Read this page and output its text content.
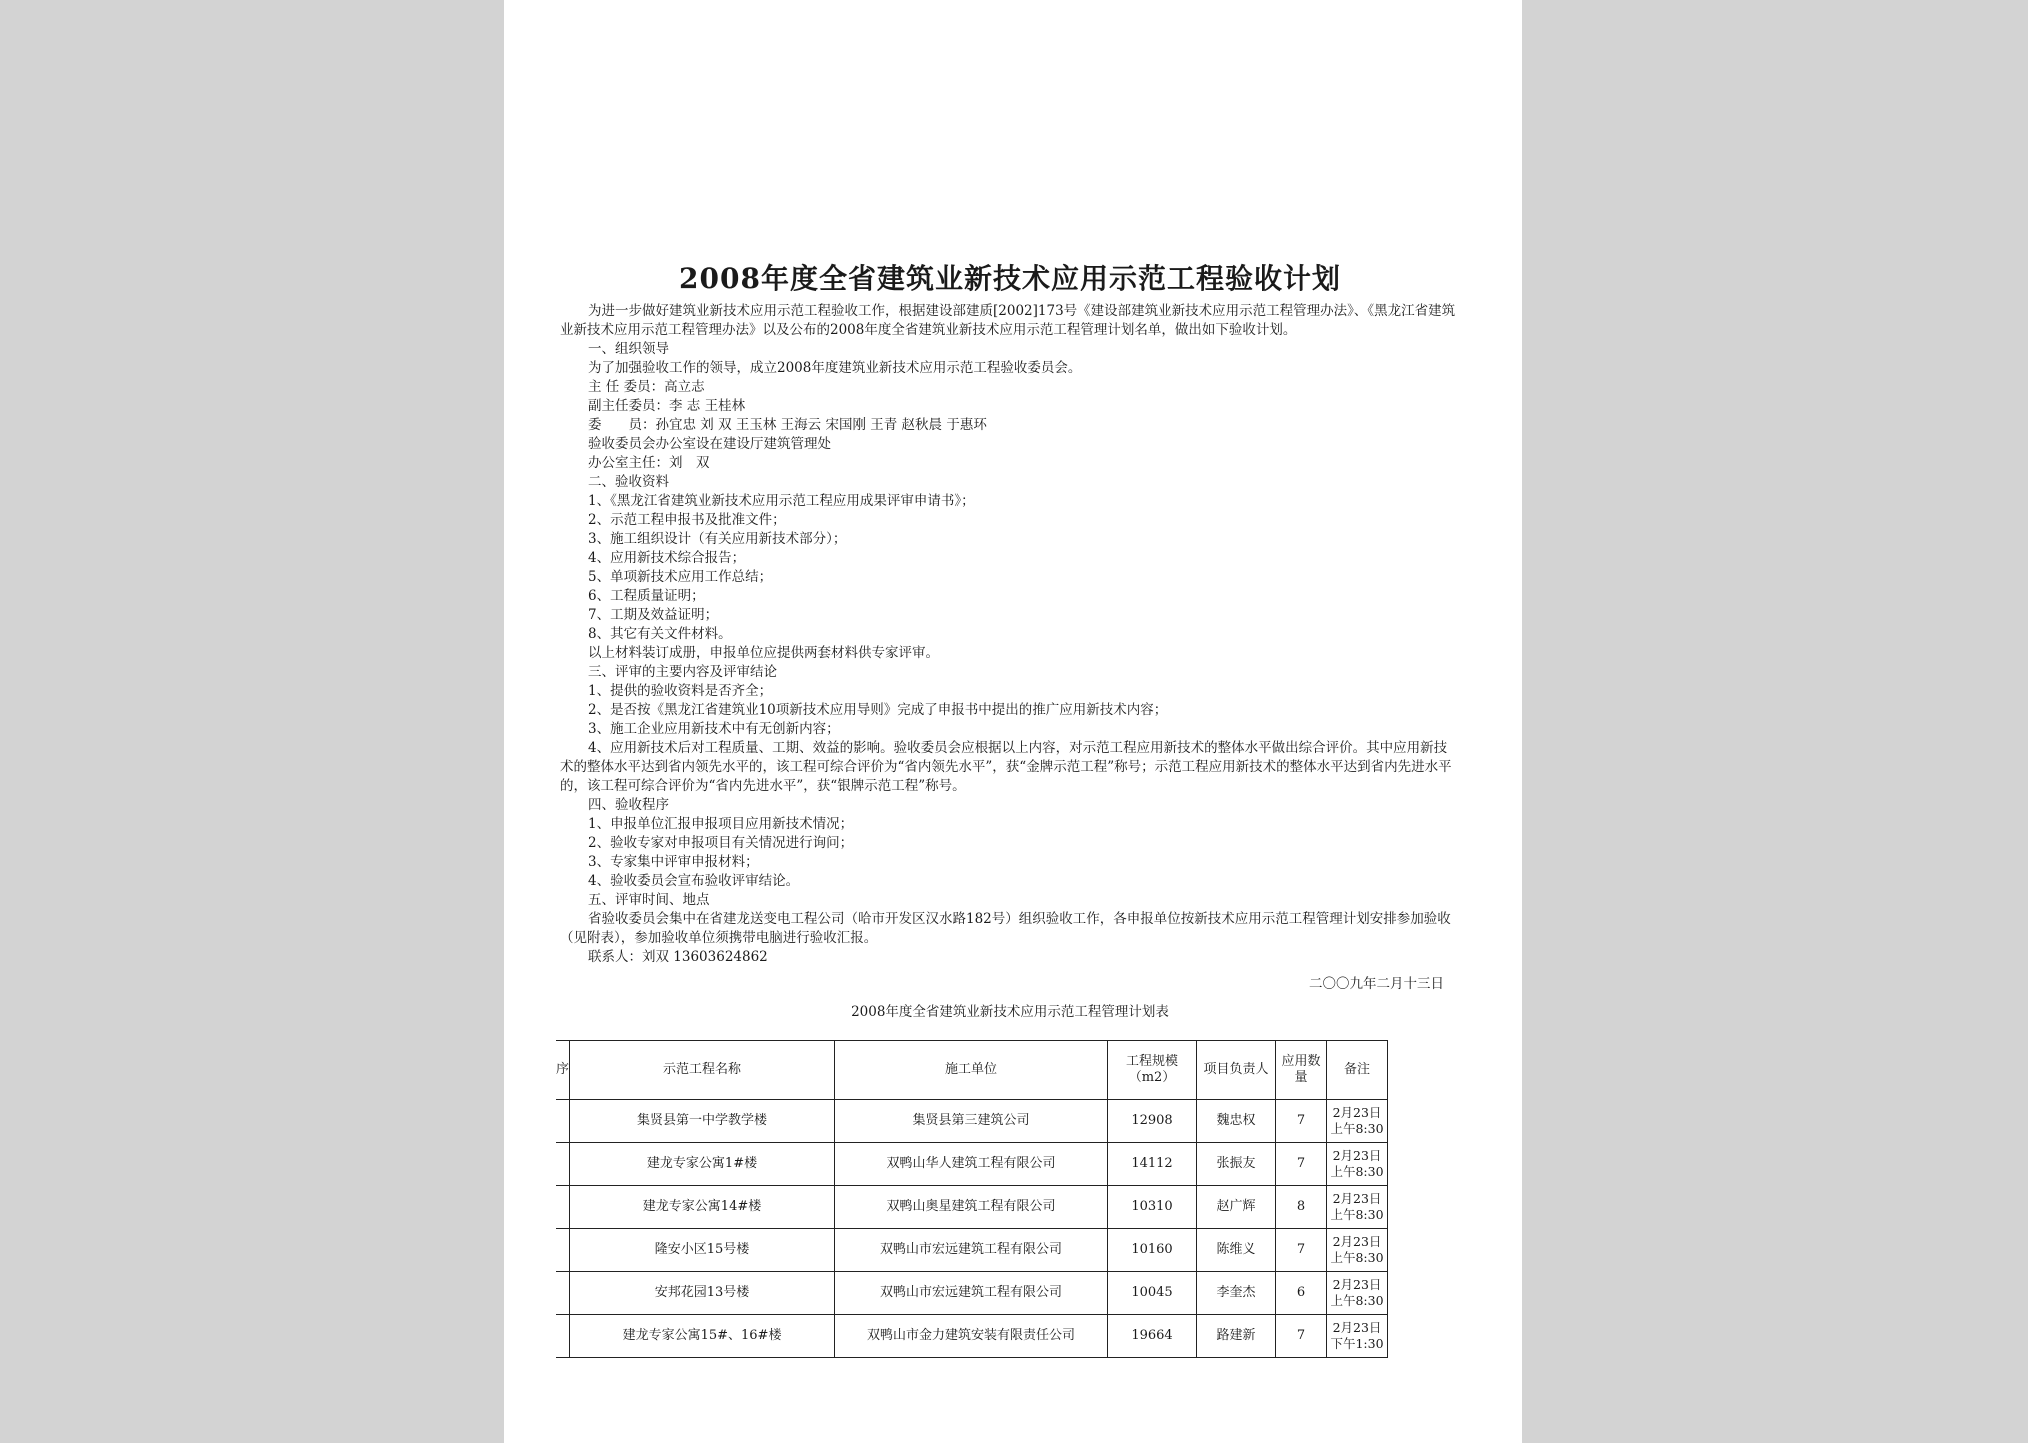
2008年度全省建筑业新技术应用示范工程验收计划

为进一步做好建筑业新技术应用示范工程验收工作，根据建设部建质[2002]173号《建设部建筑业新技术应用示范工程管理办法》、《黑龙江省建筑业新技术应用示范工程管理办法》以及公布的2008年度全省建筑业新技术应用示范工程管理计划名单，做出如下验收计划。

一、组织领导

为了加强验收工作的领导，成立2008年度建筑业新技术应用示范工程验收委员会。

主 任 委员：高立志

副主任委员：李 志 王桂林

委　　员：孙宜忠 刘 双 王玉林 王海云 宋国刚 王青 赵秋晨 于惠环

验收委员会办公室设在建设厅建筑管理处

办公室主任：刘　双

二、验收资料

1、《黑龙江省建筑业新技术应用示范工程应用成果评审申请书》；

2、示范工程申报书及批准文件；

3、施工组织设计（有关应用新技术部分）；

4、应用新技术综合报告；

5、单项新技术应用工作总结；

6、工程质量证明；

7、工期及效益证明；

8、其它有关文件材料。

以上材料装订成册，申报单位应提供两套材料供专家评审。

三、评审的主要内容及评审结论

1、提供的验收资料是否齐全；

2、是否按《黑龙江省建筑业10项新技术应用导则》完成了申报书中提出的推广应用新技术内容；

3、施工企业应用新技术中有无创新内容；

4、应用新技术后对工程质量、工期、效益的影响。验收委员会应根据以上内容，对示范工程应用新技术的整体水平做出综合评价。其中应用新技术的整体水平达到省内领先水平的，该工程可综合评价为“省内领先水平”，获“金牌示范工程”称号；示范工程应用新技术的整体水平达到省内先进水平的，该工程可综合评价为“省内先进水平”，获“银牌示范工程”称号。

四、验收程序

1、申报单位汇报申报项目应用新技术情况；

2、验收专家对申报项目有关情况进行询问；

3、专家集中评审申报材料；

4、验收委员会宣布验收评审结论。

五、评审时间、地点

省验收委员会集中在省建龙送变电工程公司（哈市开发区汉水路182号）组织验收工作，各申报单位按新技术应用示范工程管理计划安排参加验收（见附表），参加验收单位须携带电脑进行验收汇报。

联系人：刘双 13603624862

二〇〇九年二月十三日

2008年度全省建筑业新技术应用示范工程管理计划表

序	示范工程名称	施工单位	工程规模（m2）	项目负责人	应用数量	备注
	集贤县第一中学教学楼	集贤县第三建筑公司	12908	魏忠权	7	2月23日上午8:30
	建龙专家公寓1#楼	双鸭山华人建筑工程有限公司	14112	张振友	7	2月23日上午8:30
	建龙专家公寓14#楼	双鸭山奥星建筑工程有限公司	10310	赵广辉	8	2月23日上午8:30
	隆安小区15号楼	双鸭山市宏远建筑工程有限公司	10160	陈维义	7	2月23日上午8:30
	安邦花园13号楼	双鸭山市宏远建筑工程有限公司	10045	李奎杰	6	2月23日上午8:30
	建龙专家公寓15#、16#楼	双鸭山市金力建筑安装有限责任公司	19664	路建新	7	2月23日下午1:30
